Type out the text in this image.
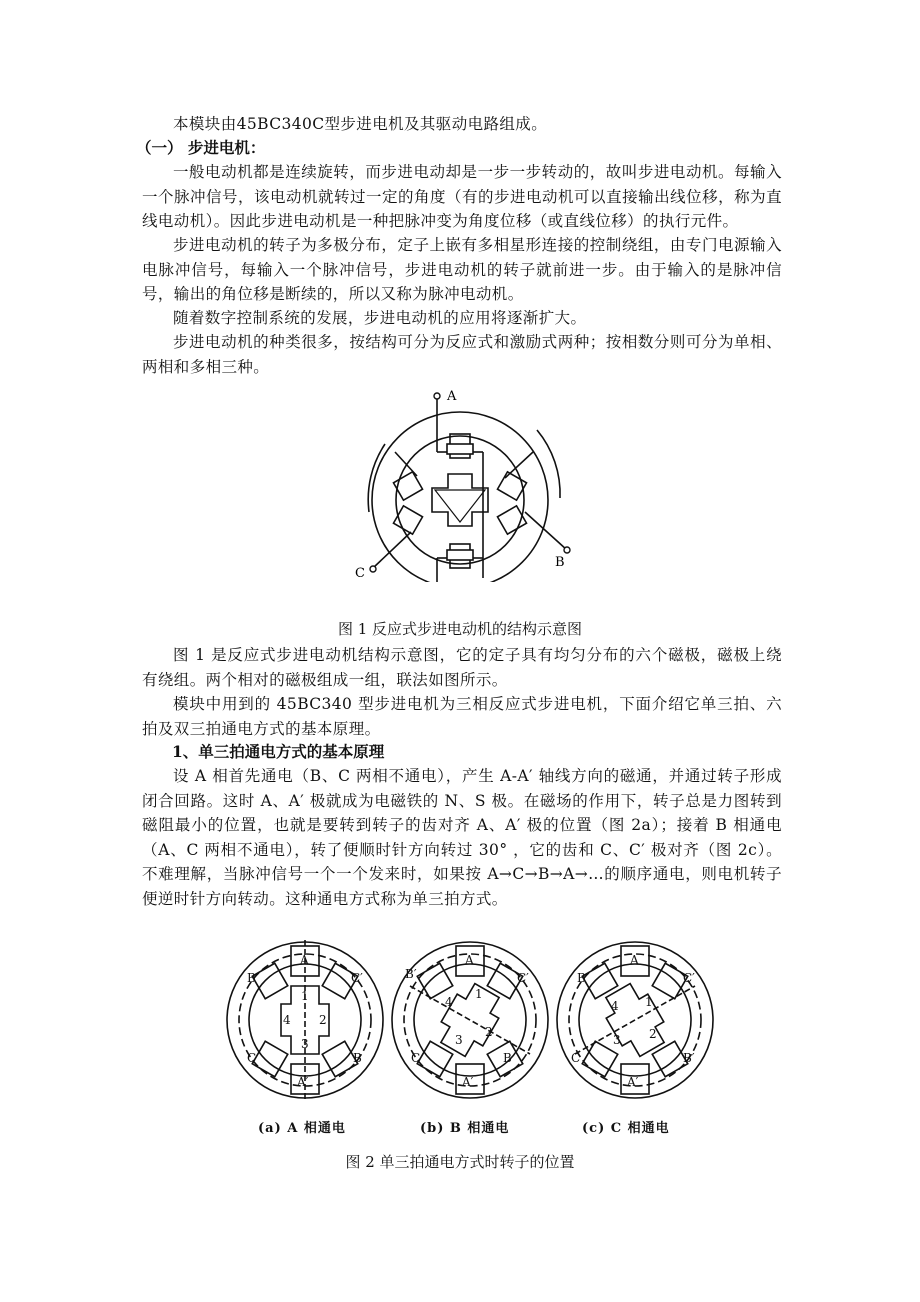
本模块由45BC340C型步进电机及其驱动电路组成。

（一） 步进电机：

一般电动机都是连续旋转，而步进电动却是一步一步转动的，故叫步进电动机。每输入一个脉冲信号，该电动机就转过一定的角度（有的步进电动机可以直接输出线位移，称为直线电动机）。因此步进电动机是一种把脉冲变为角度位移（或直线位移）的执行元件。

步进电动机的转子为多极分布，定子上嵌有多相星形连接的控制绕组，由专门电源输入电脉冲信号，每输入一个脉冲信号，步进电动机的转子就前进一步。由于输入的是脉冲信号，输出的角位移是断续的，所以又称为脉冲电动机。

随着数字控制系统的发展，步进电动机的应用将逐渐扩大。

步进电动机的种类很多，按结构可分为反应式和激励式两种；按相数分则可分为单相、两相和多相三种。

A
B
C

图 1 反应式步进电动机的结构示意图

图 1 是反应式步进电动机结构示意图，它的定子具有均匀分布的六个磁极，磁极上绕有绕组。两个相对的磁极组成一组，联法如图所示。

模块中用到的 45BC340 型步进电机为三相反应式步进电机，下面介绍它单三拍、六拍及双三拍通电方式的基本原理。

1、单三拍通电方式的基本原理

设 A 相首先通电（B、C 两相不通电），产生 A-A′ 轴线方向的磁通，并通过转子形成闭合回路。这时 A、A′ 极就成为电磁铁的 N、S 极。在磁场的作用下，转子总是力图转到磁阻最小的位置，也就是要转到转子的齿对齐 A、A′ 极的位置（图 2a）；接着 B 相通电（A、C 两相不通电），转了便顺时针方向转过 30° ，它的齿和 C、C′ 极对齐（图 2c）。不难理解，当脉冲信号一个一个发来时，如果按 A→C→B→A→…的顺序通电，则电机转子便逆时针方向转动。这种通电方式称为单三拍方式。

A
A′
B′	C′
C	B
1
2
3
4
A
A′
B′	C′
C	B
1
2
3
4
A
A′
B	C′
C	B′
1
2
3
4
(a) A 相通电	(b) B 相通电	(c) C 相通电

图 2 单三拍通电方式时转子的位置
